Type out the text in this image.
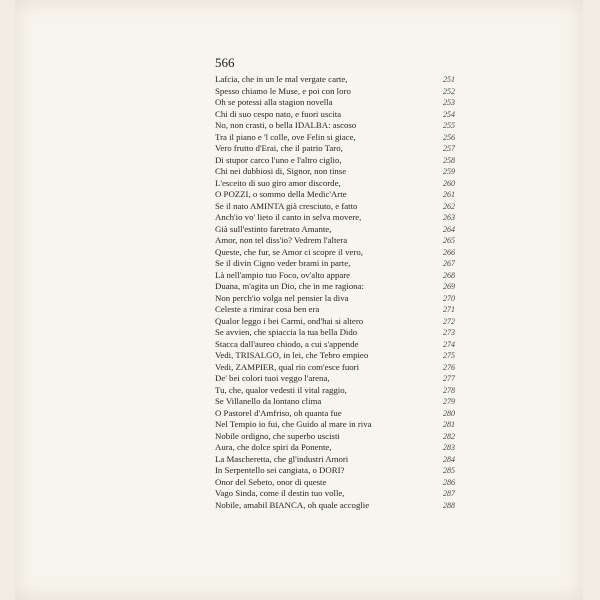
566
Lafcia, che in un le mal vergate carte,	251
Spesso chiamo le Muse, e poi con loro	252
Oh se potessi alla stagion novella	253
Chi di suo cespo nato, e fuori uscita	254
No, non crasti, o bella IDALBA: ascoso	255
Tra il piano e 'l colle, ove Felin si giace,	256
Vero frutto d'Erai, che il patrio Taro,	257
Di stupor carco l'uno e l'altro ciglio,	258
Chi nei dubbiosi di, Signor, non tinse	259
L'esceito di suo giro amor discorde,	260
O POZZI, o sommo della Medic'Arte	261
Se il nato AMINTA già cresciuto, e fatto	262
Anch'io vo' lieto il canto in selva movere,	263
Già sull'estinto faretrato Amante,	264
Amor, non tel diss'io? Vedrem l'altera	265
Queste, che fur, se Amor ci scopre il vero,	266
Se il divin Cigno veder brami in parte,	267
Là nell'ampio tuo Foco, ov'alto appare	268
Duana, m'agita un Dio, che in me ragiona:	269
Non perch'io volga nel pensier la diva	270
Celeste a rimirar cosa ben era	271
Qualor leggo i bei Carmi, ond'hai si altero	272
Se avvien, che spiaccia la tua bella Dido	273
Stacca dall'aureo chiodo, a cui s'appende	274
Vedi, TRISALGO, in lei, che Tebro empieo	275
Vedi, ZAMPIER, qual rio com'esce fuori	276
De' bei colori tuoi veggo l'arena,	277
Tu, che, qualor vedesti il vital raggio,	278
Se Villanello da lontano clima	279
O Pastorel d'Amfriso, oh quanta fue	280
Nel Tempio io fui, che Guido al mare in riva	281
Nobile ordigno, che superbo uscisti	282
Aura, che dolce spiri da Ponente,	283
La Mascheretta, che gl'industri Amori	284
In Serpentello sei cangiata, o DORI?	285
Onor del Sebeto, onor di queste	286
Vago Sinda, come il destin tuo volle,	287
Nobile, amabil BIANCA, oh quale accoglie	288
